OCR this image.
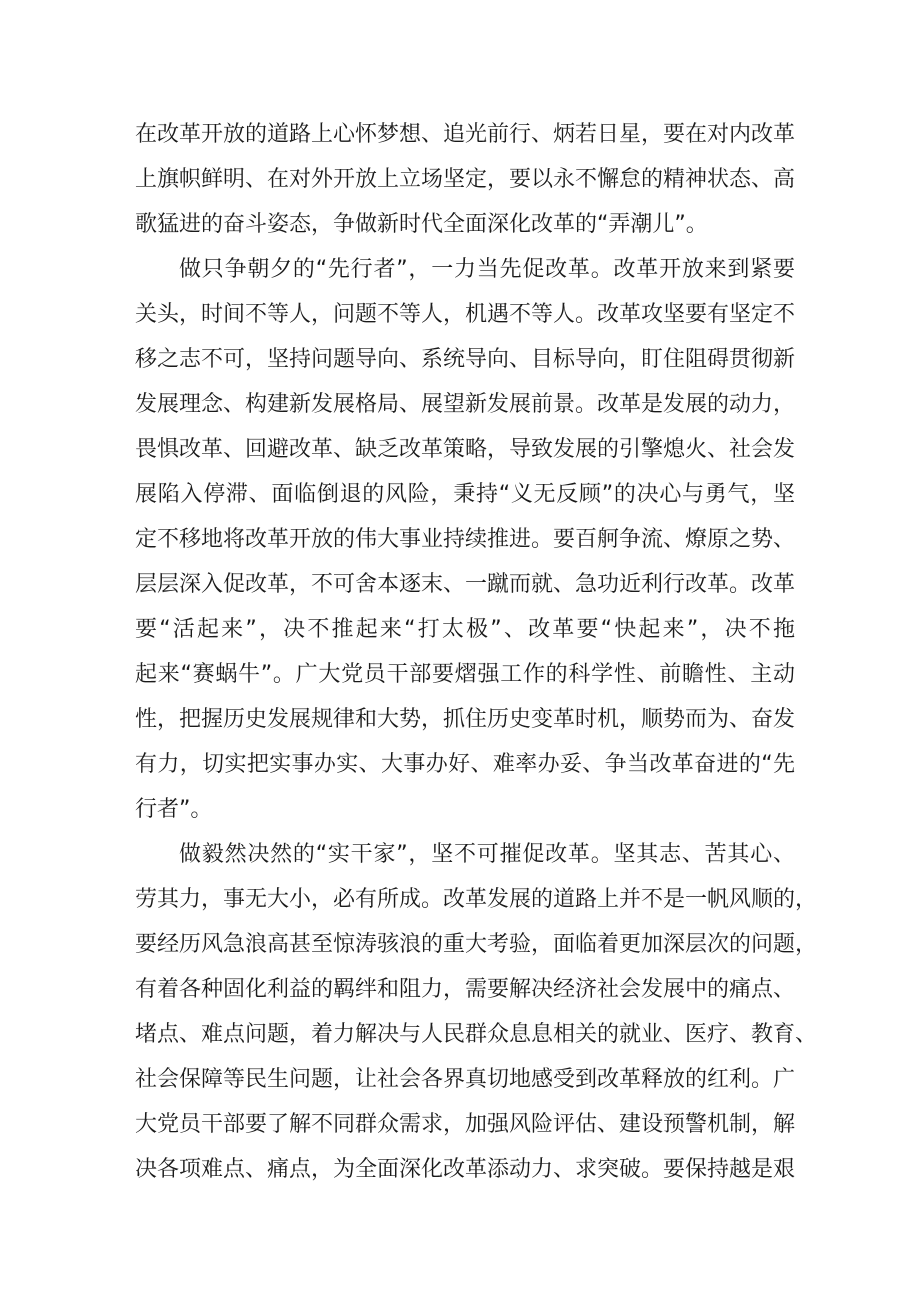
在改革开放的道路上心怀梦想、追光前行、炳若日星，要在对内改革
上旗帜鲜明、在对外开放上立场坚定，要以永不懈怠的精神状态、高
歌猛进的奋斗姿态，争做新时代全面深化改革的“弄潮儿”。
做只争朝夕的“先行者”，一力当先促改革。改革开放来到紧要
关头，时间不等人，问题不等人，机遇不等人。改革攻坚要有坚定不
移之志不可，坚持问题导向、系统导向、目标导向，盯住阻碍贯彻新
发展理念、构建新发展格局、展望新发展前景。改革是发展的动力，
畏惧改革、回避改革、缺乏改革策略，导致发展的引擎熄火、社会发
展陷入停滞、面临倒退的风险，秉持“义无反顾”的决心与勇气，坚
定不移地将改革开放的伟大事业持续推进。要百舸争流、燎原之势、
层层深入促改革，不可舍本逐末、一蹴而就、急功近利行改革。改革
要“活起来”，决不推起来“打太极”、改革要“快起来”，决不拖
起来“赛蜗牛”。广大党员干部要熠强工作的科学性、前瞻性、主动
性，把握历史发展规律和大势，抓住历史变革时机，顺势而为、奋发
有力，切实把实事办实、大事办好、难率办妥、争当改革奋进的“先
行者”。
做毅然决然的“实干家”，坚不可摧促改革。坚其志、苦其心、
劳其力，事无大小，必有所成。改革发展的道路上并不是一帆风顺的，
要经历风急浪高甚至惊涛骇浪的重大考验，面临着更加深层次的问题，
有着各种固化利益的羁绊和阻力，需要解决经济社会发展中的痛点、
堵点、难点问题，着力解决与人民群众息息相关的就业、医疗、教育、
社会保障等民生问题，让社会各界真切地感受到改革释放的红利。广
大党员干部要了解不同群众需求，加强风险评估、建设预警机制，解
决各项难点、痛点，为全面深化改革添动力、求突破。要保持越是艰
